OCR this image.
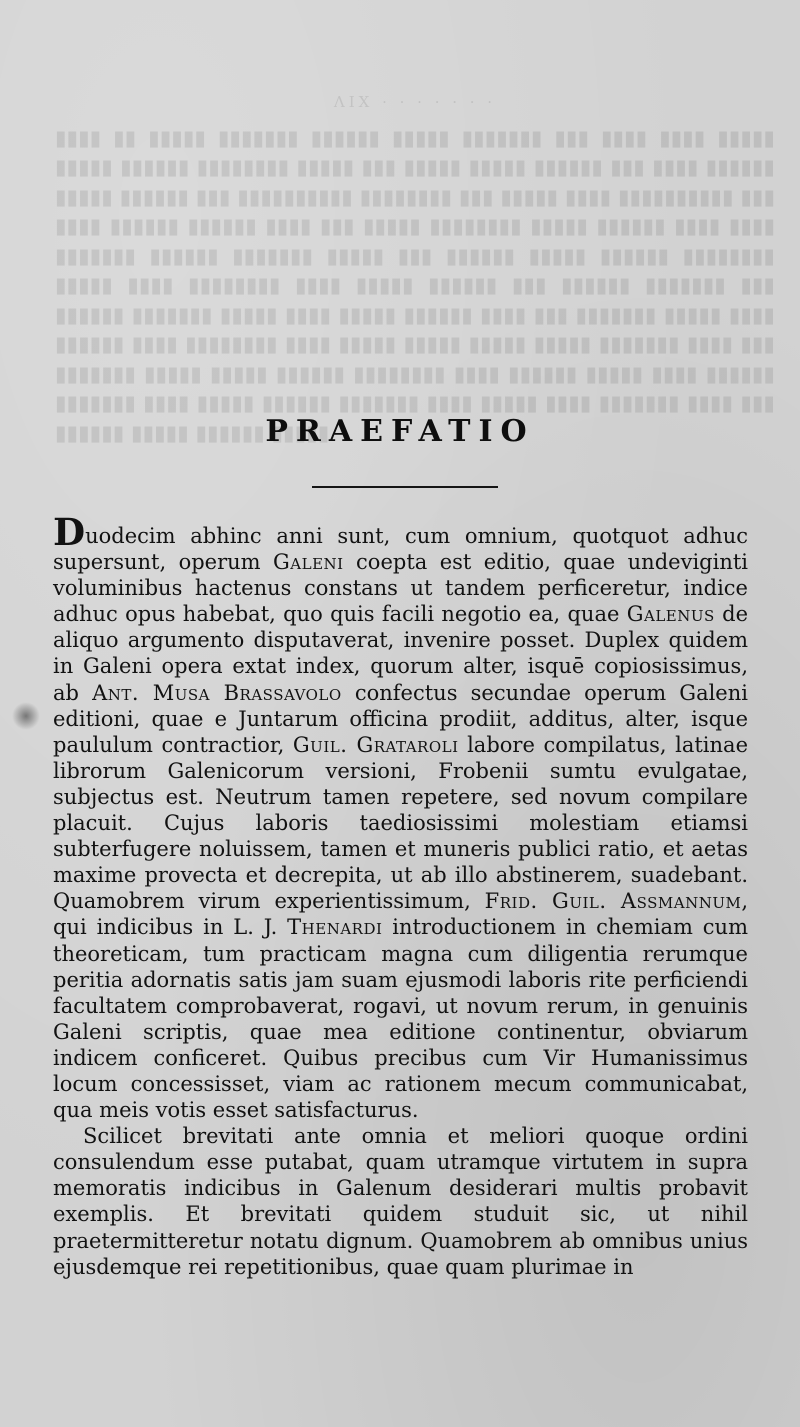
ΛIX · · · · · · ·
▮▮▮▮ ▮▮ ▮▮▮▮▮ ▮▮▮▮▮▮▮ ▮▮▮▮▮▮ ▮▮▮▮▮ ▮▮▮▮▮▮▮ ▮▮▮ ▮▮▮▮ ▮▮▮▮ ▮▮▮▮▮ ▮▮▮▮▮ ▮▮▮▮▮▮ ▮▮▮▮▮▮▮▮ ▮▮▮▮▮ ▮▮▮ ▮▮▮▮▮ ▮▮▮▮▮ ▮▮▮▮▮▮ ▮▮▮ ▮▮▮▮ ▮▮▮▮▮▮ ▮▮▮▮▮ ▮▮▮▮▮▮ ▮▮▮ ▮▮▮▮▮▮▮▮▮▮ ▮▮▮▮▮▮▮▮ ▮▮▮ ▮▮▮▮▮ ▮▮▮▮ ▮▮▮▮▮▮▮▮▮▮ ▮▮▮ ▮▮▮▮ ▮▮▮▮▮▮ ▮▮▮▮▮▮ ▮▮▮▮ ▮▮▮ ▮▮▮▮▮ ▮▮▮▮▮▮▮▮ ▮▮▮▮▮ ▮▮▮▮▮▮ ▮▮▮▮ ▮▮▮▮ ▮▮▮▮▮▮▮ ▮▮▮▮▮▮ ▮▮▮▮▮▮▮ ▮▮▮▮▮ ▮▮▮ ▮▮▮▮▮▮ ▮▮▮▮▮ ▮▮▮▮▮▮ ▮▮▮▮▮▮▮▮ ▮▮▮▮▮ ▮▮▮▮ ▮▮▮▮▮▮▮▮ ▮▮▮▮ ▮▮▮▮▮ ▮▮▮▮▮▮ ▮▮▮ ▮▮▮▮▮▮ ▮▮▮▮▮▮▮ ▮▮▮ ▮▮▮▮▮▮ ▮▮▮▮▮▮▮ ▮▮▮▮▮ ▮▮▮▮ ▮▮▮▮▮ ▮▮▮▮▮▮ ▮▮▮▮ ▮▮▮ ▮▮▮▮▮▮▮ ▮▮▮▮▮ ▮▮▮▮ ▮▮▮▮▮▮ ▮▮▮▮ ▮▮▮▮▮▮▮▮ ▮▮▮▮ ▮▮▮▮▮ ▮▮▮▮▮ ▮▮▮▮▮ ▮▮▮▮▮ ▮▮▮▮▮▮▮ ▮▮▮▮ ▮▮▮ ▮▮▮▮▮▮▮ ▮▮▮▮▮ ▮▮▮▮▮ ▮▮▮▮▮▮ ▮▮▮▮▮▮▮▮ ▮▮▮▮ ▮▮▮▮▮▮ ▮▮▮▮▮ ▮▮▮▮ ▮▮▮▮▮▮ ▮▮▮▮▮▮▮ ▮▮▮▮ ▮▮▮▮▮ ▮▮▮▮▮▮ ▮▮▮▮▮▮▮ ▮▮▮▮ ▮▮▮▮▮ ▮▮▮▮ ▮▮▮▮▮▮▮ ▮▮▮▮ ▮▮▮ ▮▮▮▮▮▮ ▮▮▮▮▮ ▮▮▮▮▮▮ ▮▮▮▮▮
PRAEFATIO

Duodecim abhinc anni sunt, cum omnium, quotquot adhuc supersunt, operum Galeni coepta est editio, quae undeviginti voluminibus hactenus constans ut tandem perficeretur, indice adhuc opus habebat, quo quis facili negotio ea, quae Galenus de aliquo argumento disputaverat, invenire posset. Duplex quidem in Galeni opera extat index, quorum alter, isquē copiosissimus, ab Ant. Musa Brassavolo confectus secundae operum Galeni editioni, quae e Juntarum officina prodiit, additus, alter, isque paululum contractior, Guil. Grataroli labore compilatus, latinae librorum Galenicorum versioni, Frobenii sumtu evulgatae, subjectus est. Neutrum tamen repetere, sed novum compilare placuit. Cujus laboris taediosissimi molestiam etiamsi subterfugere noluissem, tamen et muneris publici ratio, et aetas maxime provecta et decrepita, ut ab illo abstinerem, suadebant. Quamobrem virum experientissimum, Frid. Guil. Assmannum, qui indicibus in L. J. Thenardi introductionem in chemiam cum theoreticam, tum practicam magna cum diligentia rerumque peritia adornatis satis jam suam ejusmodi laboris rite perficiendi facultatem comprobaverat, rogavi, ut novum rerum, in genuinis Galeni scriptis, quae mea editione continentur, obviarum indicem conficeret. Quibus precibus cum Vir Humanissimus locum concessisset, viam ac rationem mecum communicabat, qua meis votis esset satisfacturus.

Scilicet brevitati ante omnia et meliori quoque ordini consulendum esse putabat, quam utramque virtutem in supra memoratis indicibus in Galenum desiderari multis probavit exemplis. Et brevitati quidem studuit sic, ut nihil praetermitteretur notatu dignum. Quamobrem ab omnibus unius ejusdemque rei repetitionibus, quae quam plurimae in
